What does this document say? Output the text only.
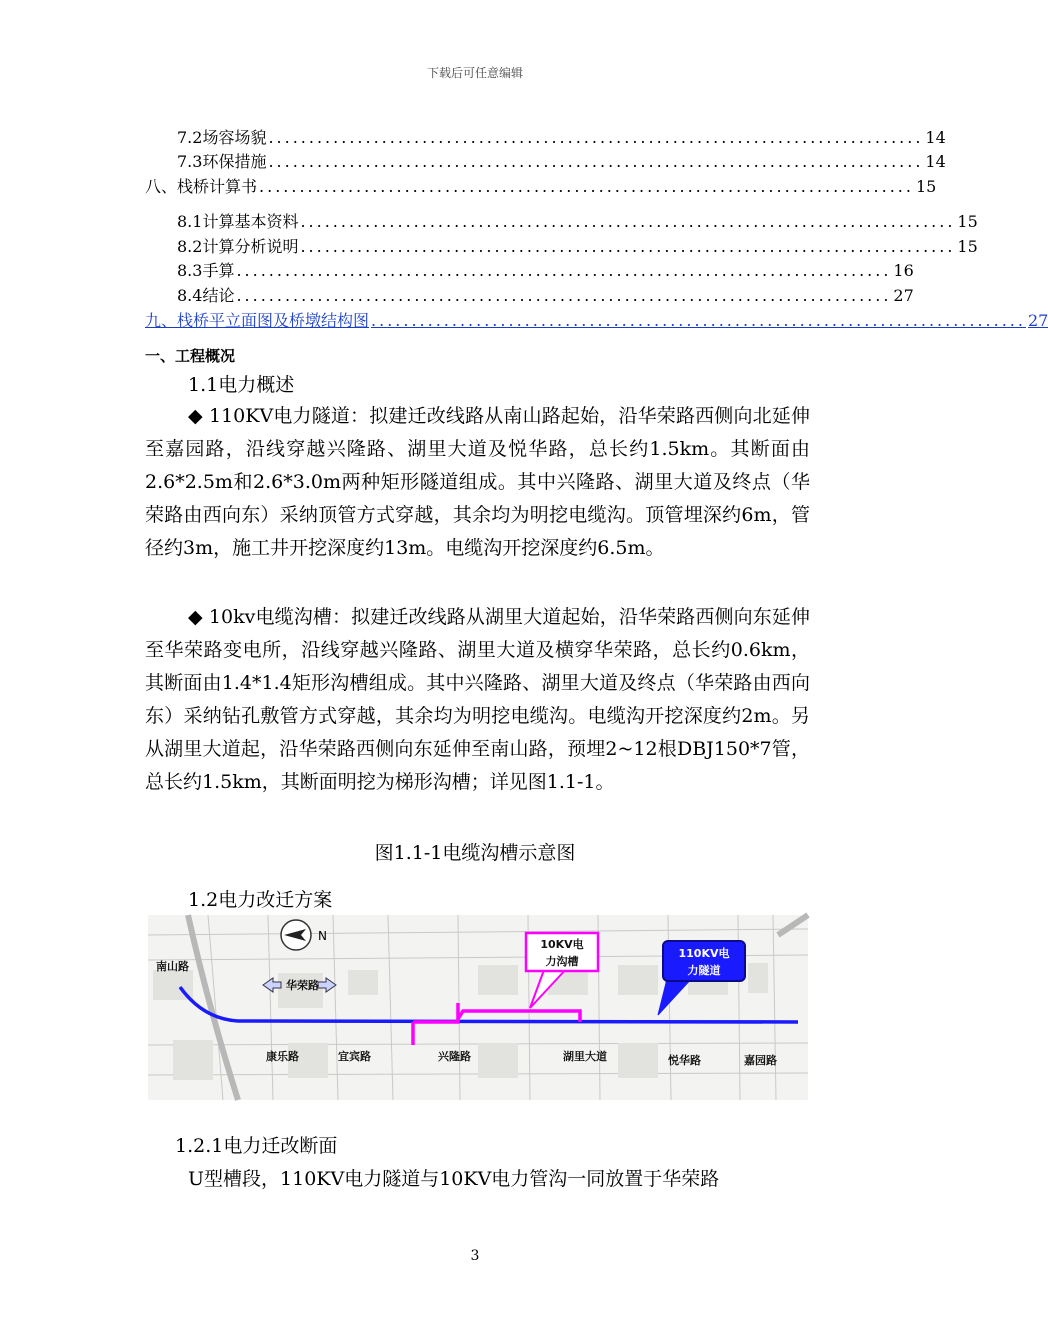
下载后可任意编辑
7.2场容场貌 ................................................................................. 14
7.3环保措施 ................................................................................. 14
八、栈桥计算书 ................................................................................. 15
8.1计算基本资料 ................................................................................. 15
8.2计算分析说明 ................................................................................. 15
8.3手算 ................................................................................. 16
8.4结论 ................................................................................. 27
九、栈桥平立面图及桥墩结构图 ................................................................................. 27
一、工程概况
1.1电力概述
◆ 110KV电力隧道：拟建迁改线路从南山路起始，沿华荣路西侧向北延伸至嘉园路，沿线穿越兴隆路、湖里大道及悦华路，总长约1.5km。其断面由2.6*2.5m和2.6*3.0m两种矩形隧道组成。其中兴隆路、湖里大道及终点（华荣路由西向东）采纳顶管方式穿越，其余均为明挖电缆沟。顶管埋深约6m，管径约3m，施工井开挖深度约13m。电缆沟开挖深度约6.5m。
◆ 10kv电缆沟槽：拟建迁改线路从湖里大道起始，沿华荣路西侧向东延伸至华荣路变电所，沿线穿越兴隆路、湖里大道及横穿华荣路，总长约0.6km，其断面由1.4*1.4矩形沟槽组成。其中兴隆路、湖里大道及终点（华荣路由西向东）采纳钻孔敷管方式穿越，其余均为明挖电缆沟。电缆沟开挖深度约2m。另从湖里大道起，沿华荣路西侧向东延伸至南山路，预埋2~12根DBJ150*7管，总长约1.5km，其断面明挖为梯形沟槽；详见图1.1-1。
图1.1-1电缆沟槽示意图
1.2电力改迁方案
N
南山路
华荣路
康乐路	宜宾路	兴隆路	湖里大道	悦华路	嘉园路
10KV电
力沟槽
110KV电
力隧道
1.2.1电力迁改断面
U型槽段，110KV电力隧道与10KV电力管沟一同放置于华荣路
3
